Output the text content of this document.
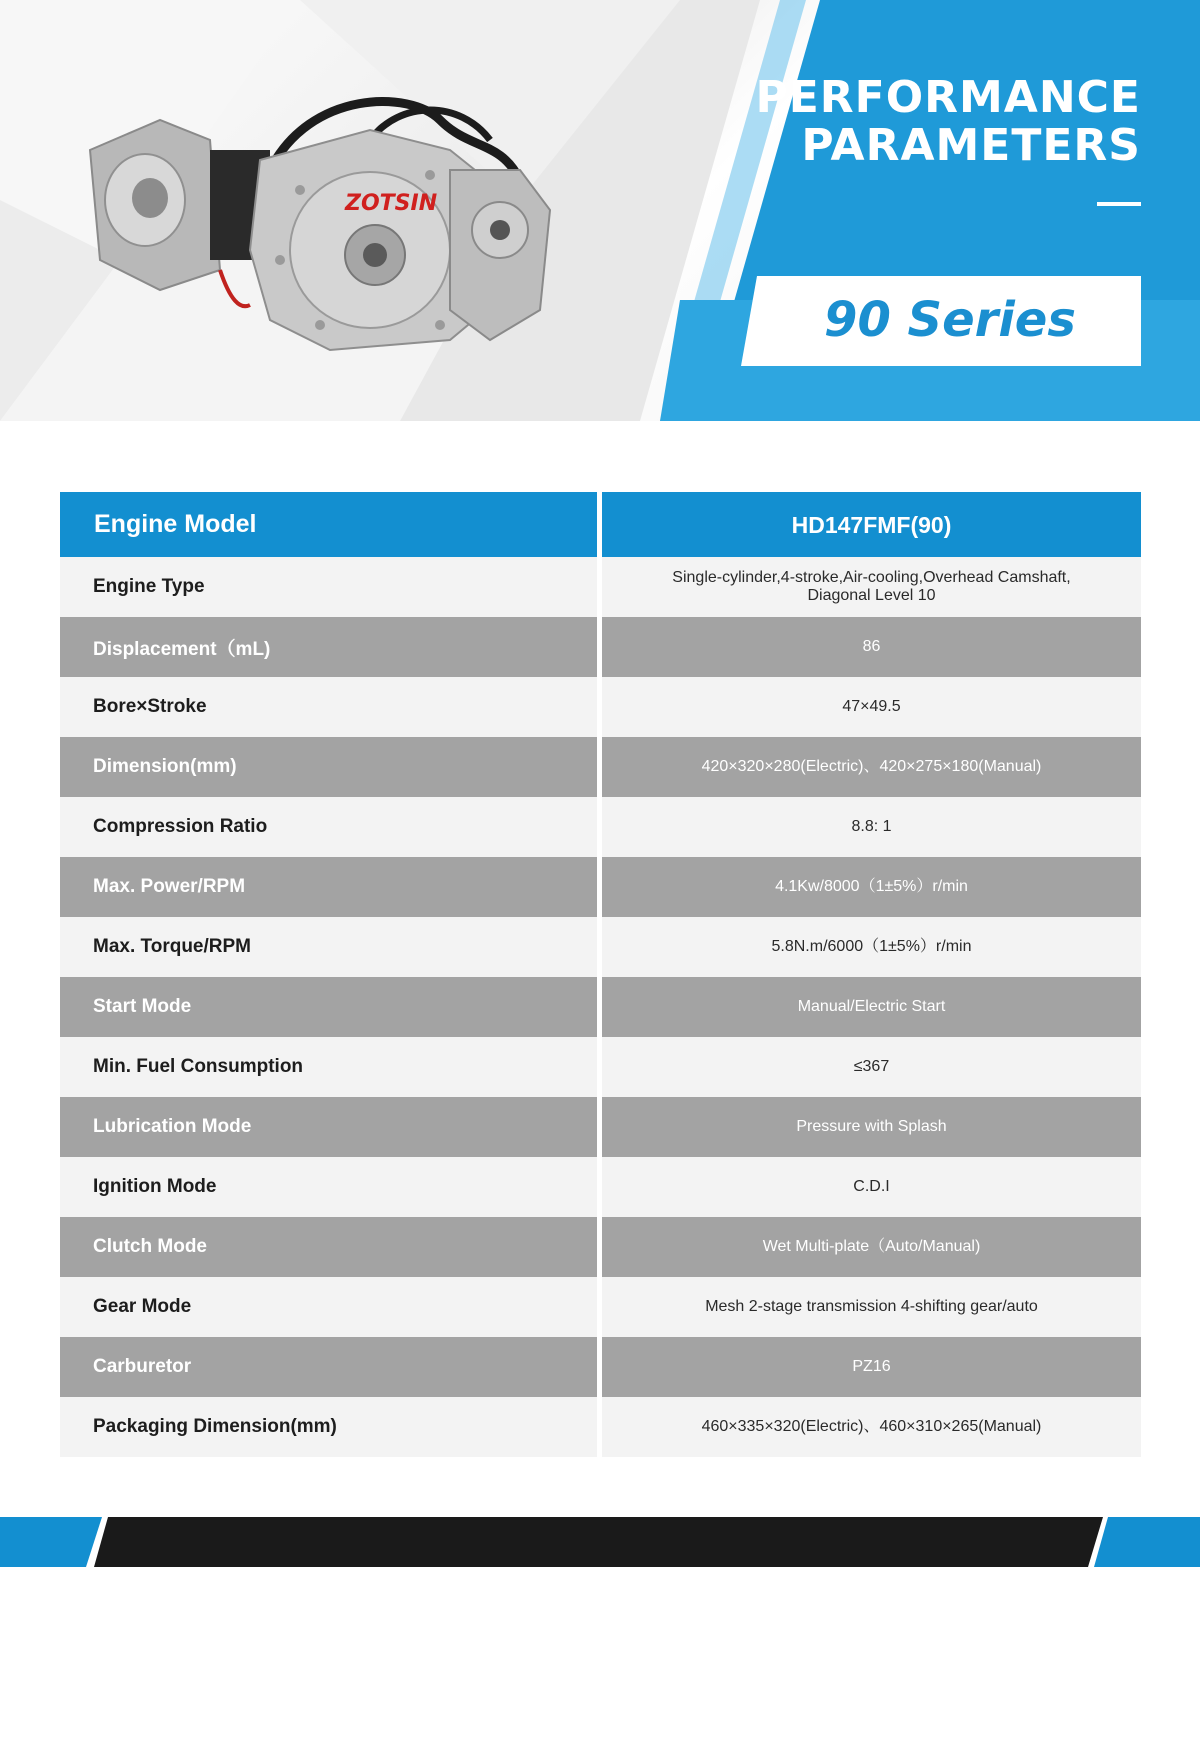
ZOTSIN
PERFORMANCE
PARAMETERS
90 Series
Engine Model	HD147FMF(90)
Engine Type	Single-cylinder,4-stroke,Air-cooling,Overhead Camshaft, Diagonal Level 10
Displacement（mL)	86
Bore×Stroke	47×49.5
Dimension(mm)	420×320×280(Electric)、420×275×180(Manual)
Compression Ratio	8.8: 1
Max. Power/RPM	4.1Kw/8000（1±5%）r/min
Max. Torque/RPM	5.8N.m/6000（1±5%）r/min
Start Mode	Manual/Electric Start
Min. Fuel Consumption	≤367
Lubrication Mode	Pressure with Splash
Ignition Mode	C.D.I
Clutch Mode	Wet Multi-plate（Auto/Manual)
Gear Mode	Mesh 2-stage transmission 4-shifting gear/auto
Carburetor	PZ16
Packaging Dimension(mm)	460×335×320(Electric)、460×310×265(Manual)
